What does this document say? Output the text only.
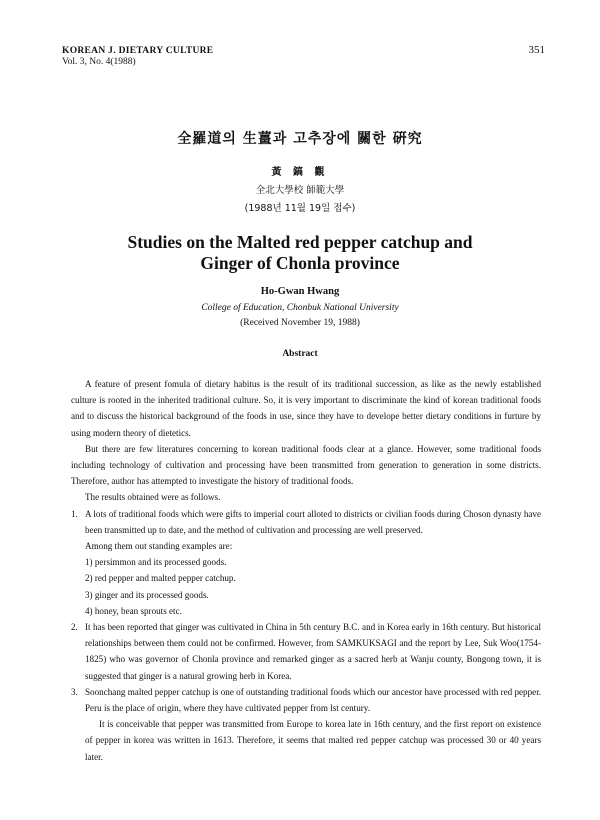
KOREAN J. DIETARY CULTURE
Vol. 3, No. 4(1988)
351
全羅道의 生薑과 고추장에 關한 硏究
黃 鎬 觀
全北大學校 師範大學
(1988년 11월 19일 접수)
Studies on the Malted red pepper catchup and
Ginger of Chonla province
Ho-Gwan Hwang
College of Education, Chonbuk National University
(Received November 19, 1988)
Abstract

A feature of present fomula of dietary habitus is the result of its traditional succession, as like as the newly established culture is rooted in the inherited traditional culture. So, it is very important to discriminate the kind of korean traditional foods and to discuss the historical background of the foods in use, since they have to develope better dietary conditions in furture by using modern theory of dietetics.

But there are few literatures concerning to korean traditional foods clear at a glance. However, some traditional foods including technology of cultivation and processing have been transmitted from generation to generation in some districts. Therefore, author has attempted to investigate the history of traditional foods.

The results obtained were as follows.

1. A lots of traditional foods which were gifts to imperial court alloted to districts or civilian foods during Choson dynasty have been transmitted up to date, and the method of cultivation and processing are well preserved.

Among them out standing examples are:

1) persimmon and its processed goods.

2) red pepper and malted pepper catchup.

3) ginger and its processed goods.

4) honey, bean sprouts etc.

2. It has been reported that ginger was cultivated in China in 5th century B.C. and in Korea early in 16th century. But historical relationships between them could not be confirmed. However, from SAMKUKSAGI and the report by Lee, Suk Woo(1754-1825) who was governor of Chonla province and remarked ginger as a sacred herb at Wanju county, Bongong town, it is suggested that ginger is a natural growing herb in Korea.
3. Soonchang malted pepper catchup is one of outstanding traditional foods which our ancestor have processed with red pepper. Peru is the place of origin, where they have cultivated pepper from lst century.

It is conceivable that pepper was transmitted from Europe to korea late in 16th century, and the first report on existence of pepper in korea was written in 1613. Therefore, it seems that malted red pepper catchup was processed 30 or 40 years later.
